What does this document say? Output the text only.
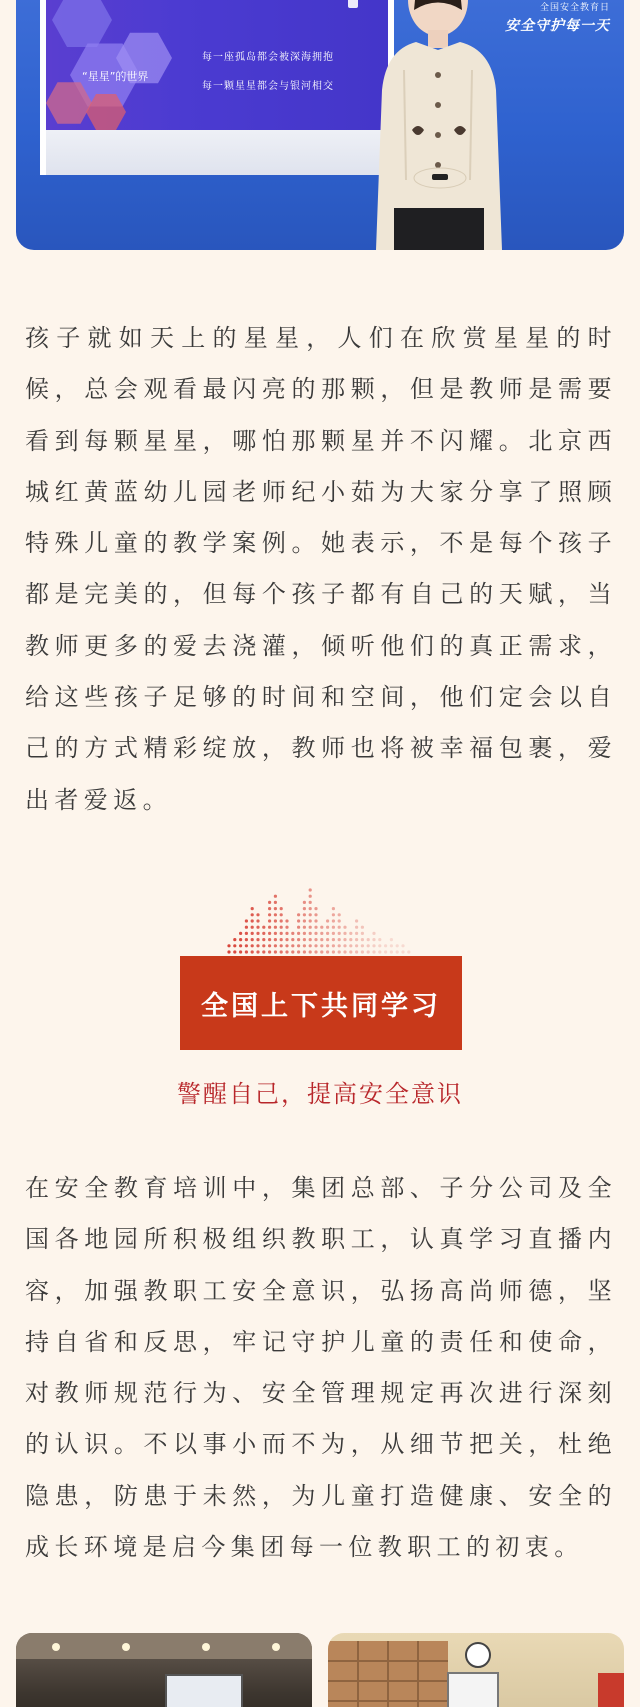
“星星”的世界
每一座孤岛都会被深海拥抱
每一颗星星都会与银河相交
全国安全教育日
安全守护每一天

孩子就如天上的星星，人们在欣赏星星的时候，总会观看最闪亮的那颗，但是教师是需要看到每颗星星，哪怕那颗星并不闪耀。北京西城红黄蓝幼儿园老师纪小茹为大家分享了照顾特殊儿童的教学案例。她表示，不是每个孩子都是完美的，但每个孩子都有自己的天赋，当教师更多的爱去浇灌，倾听他们的真正需求，给这些孩子足够的时间和空间，他们定会以自己的方式精彩绽放，教师也将被幸福包裹，爱出者爱返。

全国上下共同学习
警醒自己，提高安全意识

在安全教育培训中，集团总部、子分公司及全国各地园所积极组织教职工，认真学习直播内容，加强教职工安全意识，弘扬高尚师德，坚持自省和反思，牢记守护儿童的责任和使命，对教师规范行为、安全管理规定再次进行深刻的认识。不以事小而不为，从细节把关，杜绝隐患，防患于未然，为儿童打造健康、安全的成长环境是启今集团每一位教职工的初衷。
